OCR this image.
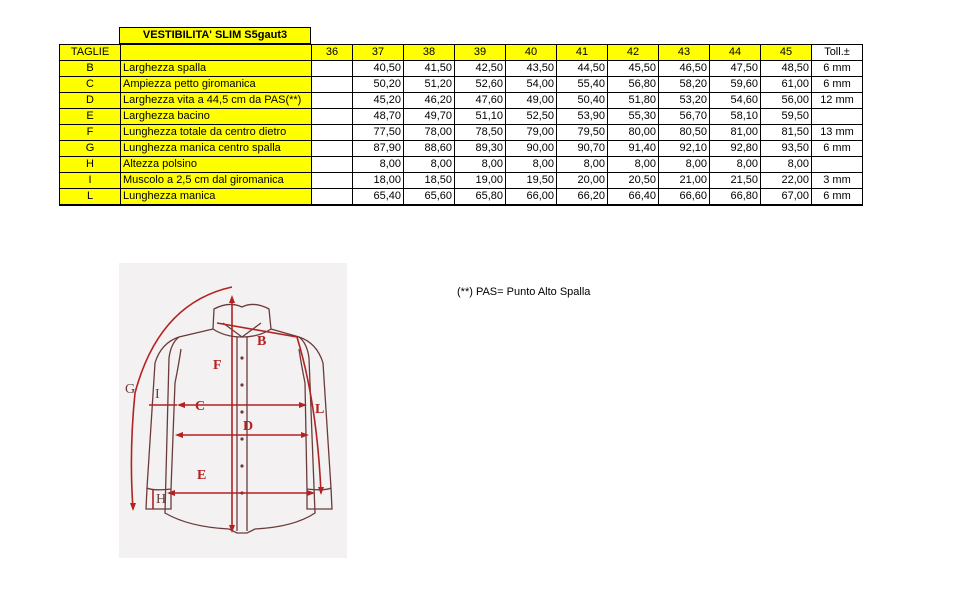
VESTIBILITA' SLIM S5gaut3
TAGLIE		36	37	38	39	40	41	42	43	44	45	Toll.±
B	Larghezza spalla		40,50	41,50	42,50	43,50	44,50	45,50	46,50	47,50	48,50	6 mm
C	Ampiezza petto giromanica		50,20	51,20	52,60	54,00	55,40	56,80	58,20	59,60	61,00	6 mm
D	Larghezza vita a 44,5 cm da PAS(**)		45,20	46,20	47,60	49,00	50,40	51,80	53,20	54,60	56,00	12 mm
E	Larghezza bacino		48,70	49,70	51,10	52,50	53,90	55,30	56,70	58,10	59,50	
F	Lunghezza totale da centro dietro		77,50	78,00	78,50	79,00	79,50	80,00	80,50	81,00	81,50	13 mm
G	Lunghezza manica centro spalla		87,90	88,60	89,30	90,00	90,70	91,40	92,10	92,80	93,50	6 mm
H	Altezza polsino		8,00	8,00	8,00	8,00	8,00	8,00	8,00	8,00	8,00	
I	Muscolo a 2,5 cm dal giromanica		18,00	18,50	19,00	19,50	20,00	20,50	21,00	21,50	22,00	3 mm
L	Lunghezza manica		65,40	65,60	65,80	66,00	66,20	66,40	66,60	66,80	67,00	6 mm
(**) PAS= Punto Alto Spalla
B
C
D
E
F
L
G I
H
